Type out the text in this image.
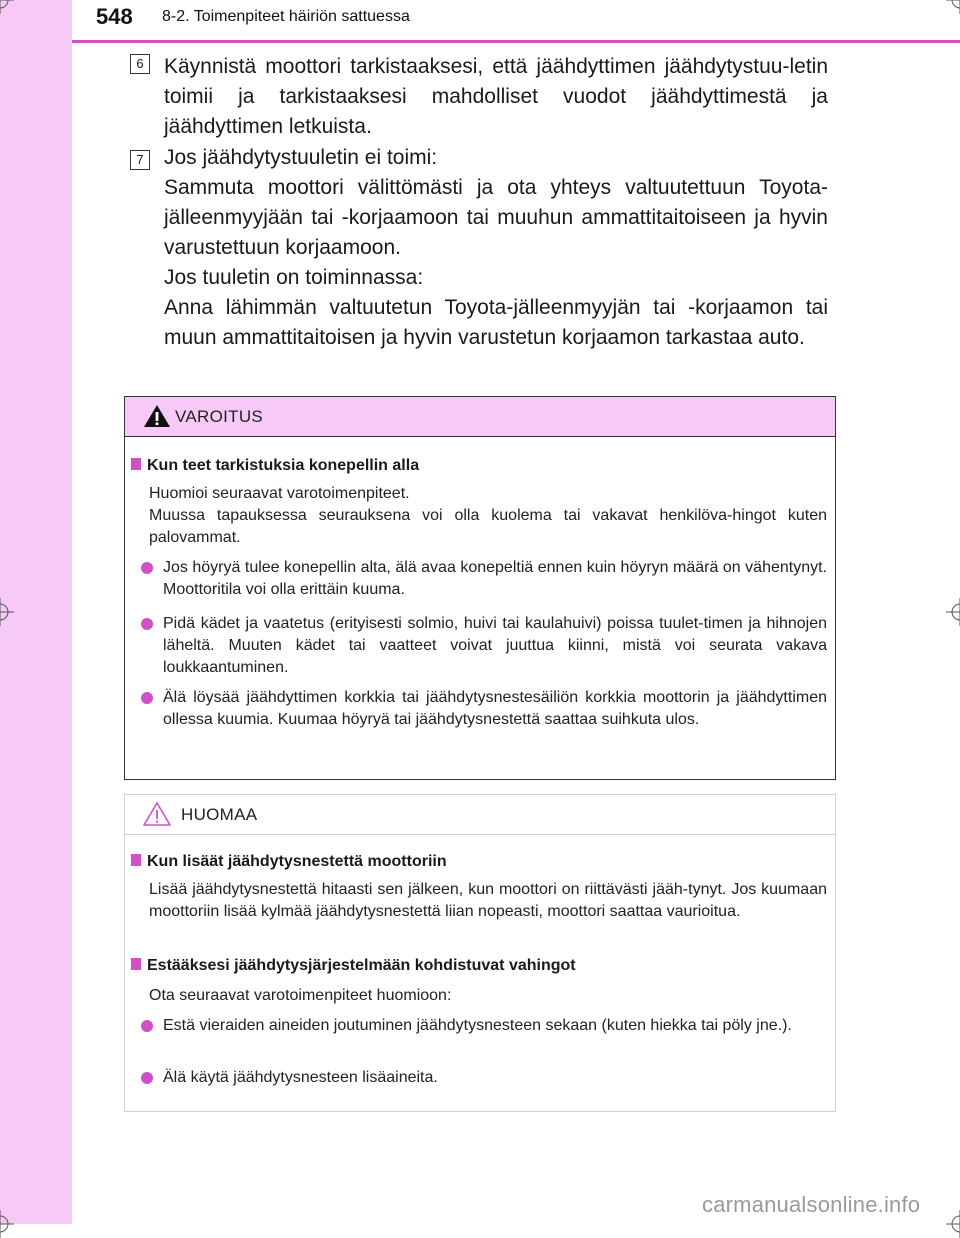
548 8-2. Toimenpiteet häiriön sattuessa
6 Käynnistä moottori tarkistaaksesi, että jäähdyttimen jäähdytystuu-letin toimii ja tarkistaaksesi mahdolliset vuodot jäähdyttimestä ja jäähdyttimen letkuista.
7 Jos jäähdytystuuletin ei toimi:
Sammuta moottori välittömästi ja ota yhteys valtuutettuun Toyota-jälleenmyyjään tai -korjaamoon tai muuhun ammattitaitoiseen ja hyvin varustettuun korjaamoon.
Jos tuuletin on toiminnassa:
Anna lähimmän valtuutetun Toyota-jälleenmyyjän tai -korjaamon tai muun ammattitaitoisen ja hyvin varustetun korjaamon tarkastaa auto.
VAROITUS
Kun teet tarkistuksia konepellin alla
Huomioi seuraavat varotoimenpiteet.
Muussa tapauksessa seurauksena voi olla kuolema tai vakavat henkilöva-hingot kuten palovammat.
Jos höyryä tulee konepellin alta, älä avaa konepeltiä ennen kuin höyryn määrä on vähentynyt. Moottoritila voi olla erittäin kuuma.
Pidä kädet ja vaatetus (erityisesti solmio, huivi tai kaulahuivi) poissa tuulet-timen ja hihnojen läheltä. Muuten kädet tai vaatteet voivat juuttua kiinni, mistä voi seurata vakava loukkaantuminen.
Älä löysää jäähdyttimen korkkia tai jäähdytysnestesäiliön korkkia moottorin ja jäähdyttimen ollessa kuumia. Kuumaa höyryä tai jäähdytysnestettä saattaa suihkuta ulos.
HUOMAA
Kun lisäät jäähdytysnestettä moottoriin
Lisää jäähdytysnestettä hitaasti sen jälkeen, kun moottori on riittävästi jääh-tynyt. Jos kuumaan moottoriin lisää kylmää jäähdytysnestettä liian nopeasti, moottori saattaa vaurioitua.
Estääksesi jäähdytysjärjestelmään kohdistuvat vahingot
Ota seuraavat varotoimenpiteet huomioon:
Estä vieraiden aineiden joutuminen jäähdytysnesteen sekaan (kuten hiekka tai pöly jne.).
Älä käytä jäähdytysnesteen lisäaineita.
carmanualsonline.info
